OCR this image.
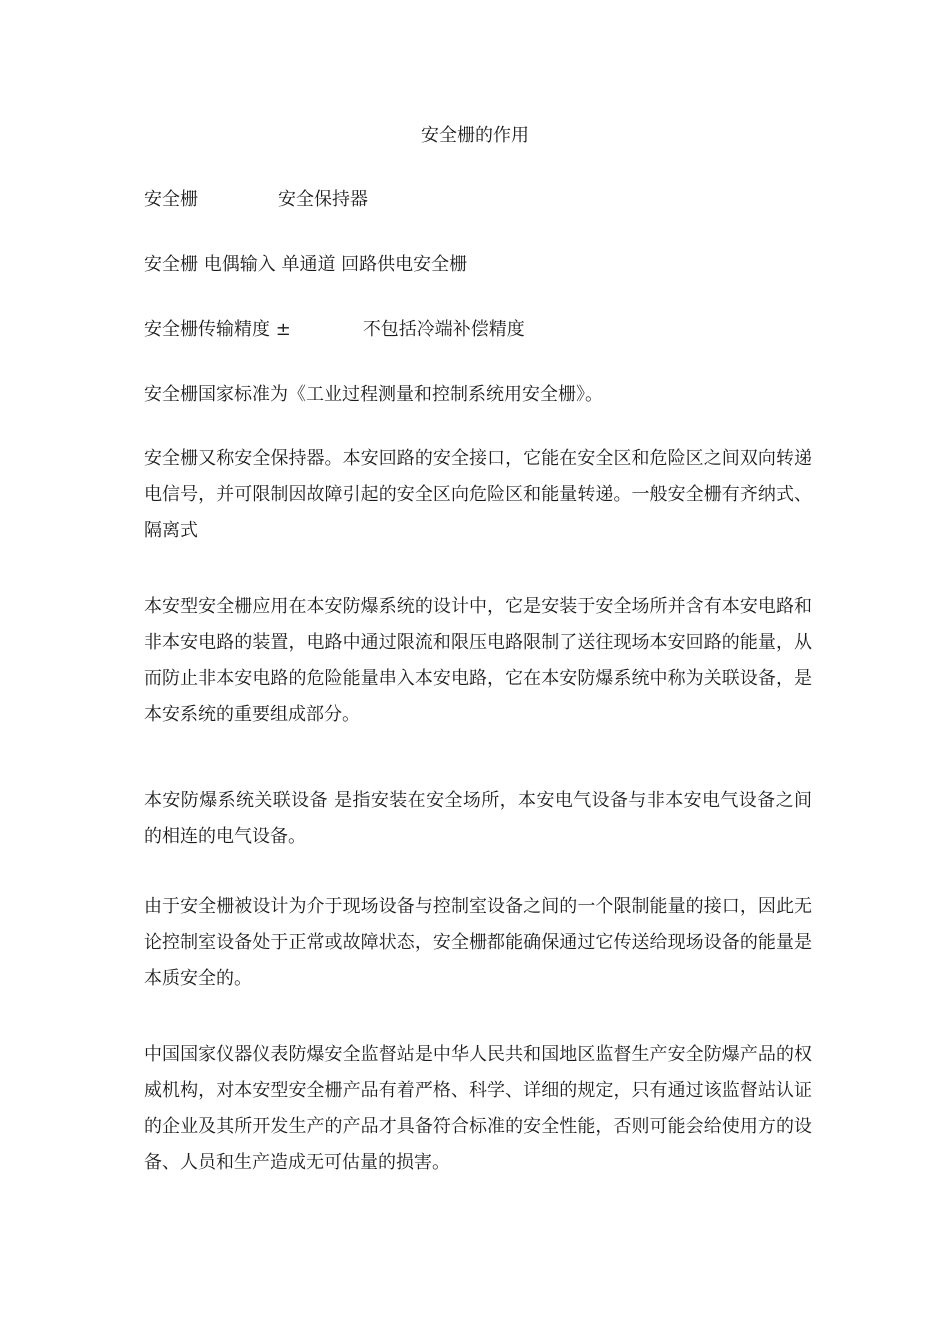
安全栅的作用
安全栅	安全保持器
安全栅 电偶输入 单通道 回路供电安全栅
安全栅传输精度 ±	不包括冷端补偿精度
安全栅国家标准为《工业过程测量和控制系统用安全栅》。
安全栅又称安全保持器。本安回路的安全接口，它能在安全区和危险区之间双向转递电信号，并可限制因故障引起的安全区向危险区和能量转递。一般安全栅有齐纳式、隔离式
本安型安全栅应用在本安防爆系统的设计中，它是安装于安全场所并含有本安电路和非本安电路的装置，电路中通过限流和限压电路限制了送往现场本安回路的能量，从而防止非本安电路的危险能量串入本安电路，它在本安防爆系统中称为关联设备，是本安系统的重要组成部分。
本安防爆系统关联设备 是指安装在安全场所，本安电气设备与非本安电气设备之间的相连的电气设备。
由于安全栅被设计为介于现场设备与控制室设备之间的一个限制能量的接口，因此无论控制室设备处于正常或故障状态，安全栅都能确保通过它传送给现场设备的能量是本质安全的。
中国国家仪器仪表防爆安全监督站是中华人民共和国地区监督生产安全防爆产品的权威机构，对本安型安全栅产品有着严格、科学、详细的规定，只有通过该监督站认证的企业及其所开发生产的产品才具备符合标准的安全性能，否则可能会给使用方的设备、人员和生产造成无可估量的损害。
